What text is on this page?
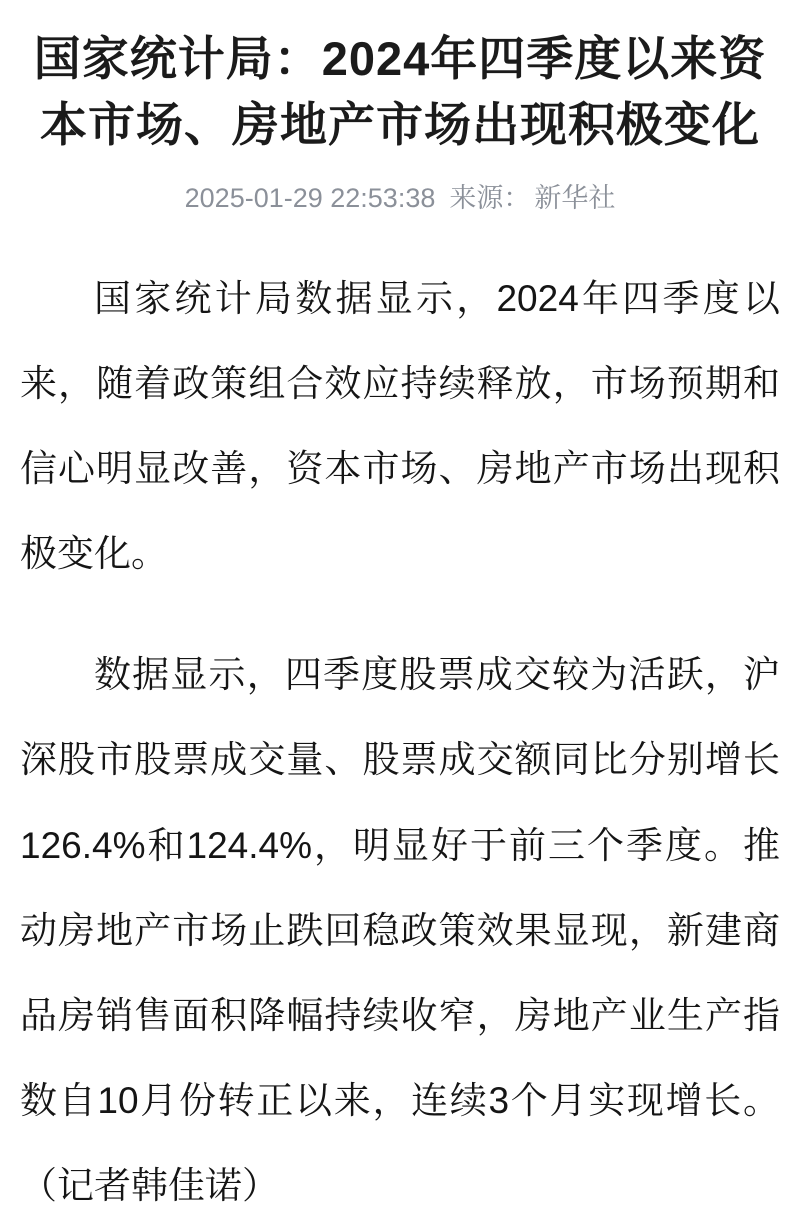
国家统计局：2024年四季度以来资本市场、房地产市场出现积极变化
2025-01-29 22:53:38 来源： 新华社

国家统计局数据显示，2024年四季度以来，随着政策组合效应持续释放，市场预期和信心明显改善，资本市场、房地产市场出现积极变化。

数据显示，四季度股票成交较为活跃，沪深股市股票成交量、股票成交额同比分别增长126.4%和124.4%，明显好于前三个季度。推动房地产市场止跌回稳政策效果显现，新建商品房销售面积降幅持续收窄，房地产业生产指数自10月份转正以来，连续3个月实现增长。（记者韩佳诺）
